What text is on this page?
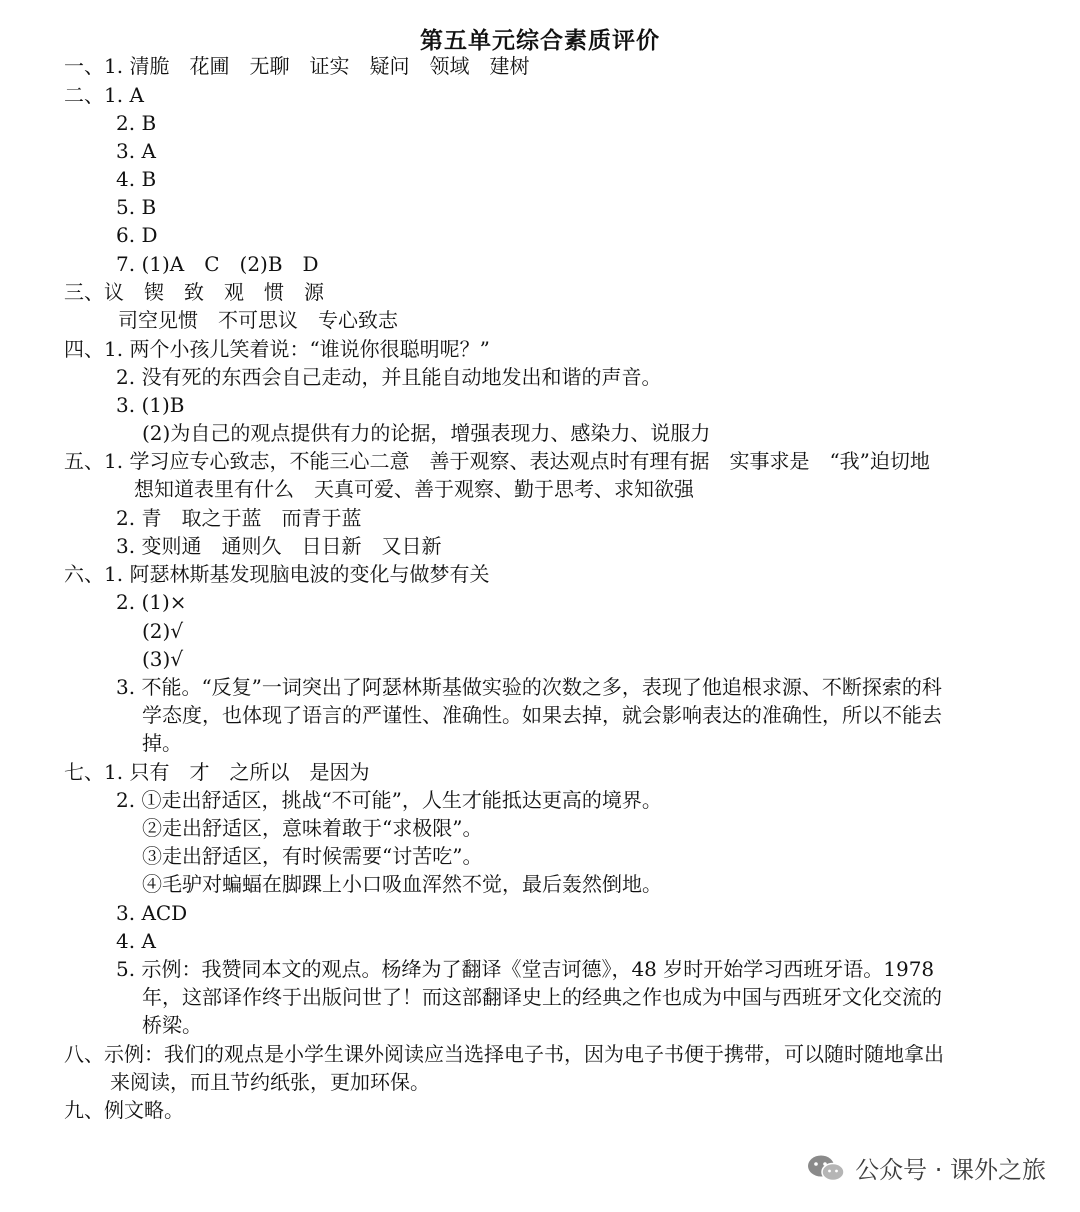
第五单元综合素质评价
一、1. 清脆　花圃　无聊　证实　疑问　领域　建树
二、1. A
2. B
3. A
4. B
5. B
6. D
7. (1)A　C　(2)B　D
三、议　锲　致　观　惯　源
司空见惯　不可思议　专心致志
四、1. 两个小孩儿笑着说：“谁说你很聪明呢？”
2. 没有死的东西会自己走动，并且能自动地发出和谐的声音。
3. (1)B
(2)为自己的观点提供有力的论据，增强表现力、感染力、说服力
五、1. 学习应专心致志，不能三心二意　善于观察、表达观点时有理有据　实事求是　“我”迫切地
想知道表里有什么　天真可爱、善于观察、勤于思考、求知欲强
2. 青　取之于蓝　而青于蓝
3. 变则通　通则久　日日新　又日新
六、1. 阿瑟林斯基发现脑电波的变化与做梦有关
2. (1)×
(2)√
(3)√
3. 不能。“反复”一词突出了阿瑟林斯基做实验的次数之多，表现了他追根求源、不断探索的科
学态度，也体现了语言的严谨性、准确性。如果去掉，就会影响表达的准确性，所以不能去
掉。
七、1. 只有　才　之所以　是因为
2. ①走出舒适区，挑战“不可能”，人生才能抵达更高的境界。
②走出舒适区，意味着敢于“求极限”。
③走出舒适区，有时候需要“讨苦吃”。
④毛驴对蝙蝠在脚踝上小口吸血浑然不觉，最后轰然倒地。
3. ACD
4. A
5. 示例：我赞同本文的观点。杨绛为了翻译《堂吉诃德》，48 岁时开始学习西班牙语。1978
年，这部译作终于出版问世了！而这部翻译史上的经典之作也成为中国与西班牙文化交流的
桥梁。
八、示例：我们的观点是小学生课外阅读应当选择电子书，因为电子书便于携带，可以随时随地拿出
来阅读，而且节约纸张，更加环保。
九、例文略。
公众号 · 课外之旅
